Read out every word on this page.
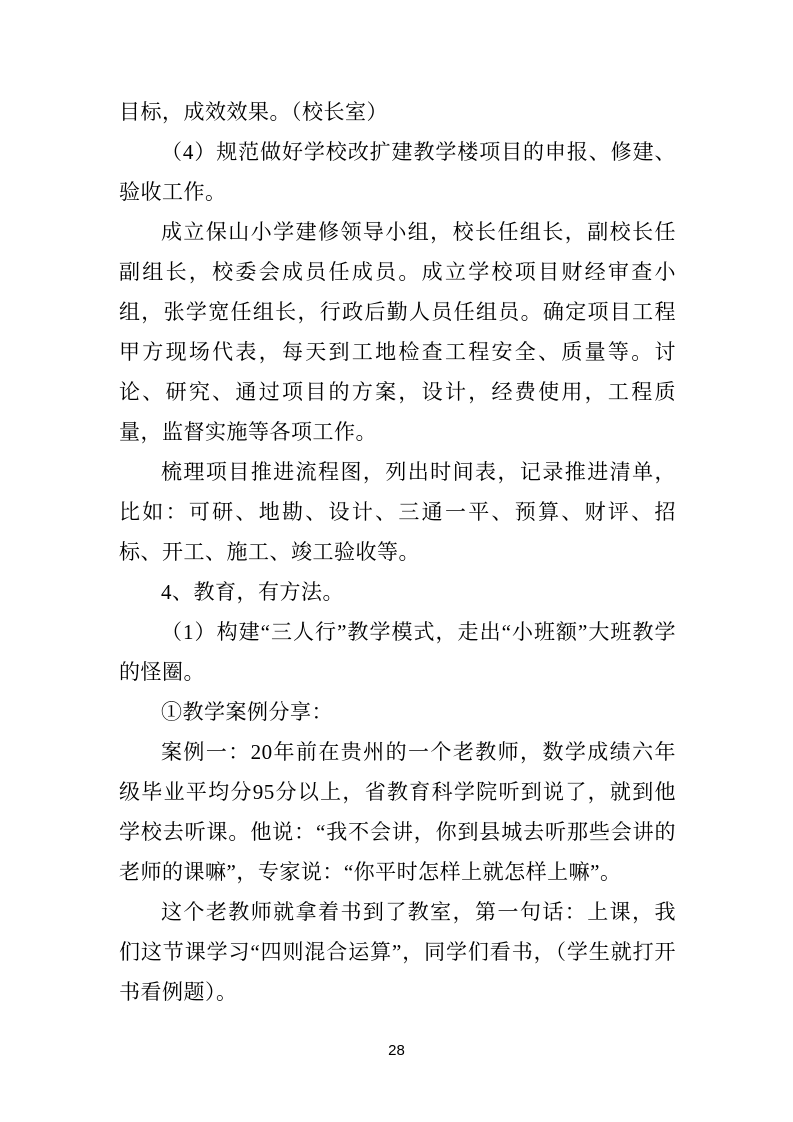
目标，成效效果。（校长室）

（4）规范做好学校改扩建教学楼项目的申报、修建、验收工作。

成立保山小学建修领导小组，校长任组长，副校长任副组长，校委会成员任成员。成立学校项目财经审查小组，张学宽任组长，行政后勤人员任组员。确定项目工程甲方现场代表，每天到工地检查工程安全、质量等。讨论、研究、通过项目的方案，设计，经费使用，工程质量，监督实施等各项工作。

梳理项目推进流程图，列出时间表，记录推进清单，比如：可研、地勘、设计、三通一平、预算、财评、招标、开工、施工、竣工验收等。

4、教育，有方法。

（1）构建“三人行”教学模式，走出“小班额”大班教学的怪圈。

①教学案例分享：

案例一：20年前在贵州的一个老教师，数学成绩六年级毕业平均分95分以上，省教育科学院听到说了，就到他学校去听课。他说：“我不会讲，你到县城去听那些会讲的老师的课嘛”，专家说：“你平时怎样上就怎样上嘛”。

这个老教师就拿着书到了教室，第一句话：上课，我们这节课学习“四则混合运算”，同学们看书，（学生就打开书看例题）。

28
